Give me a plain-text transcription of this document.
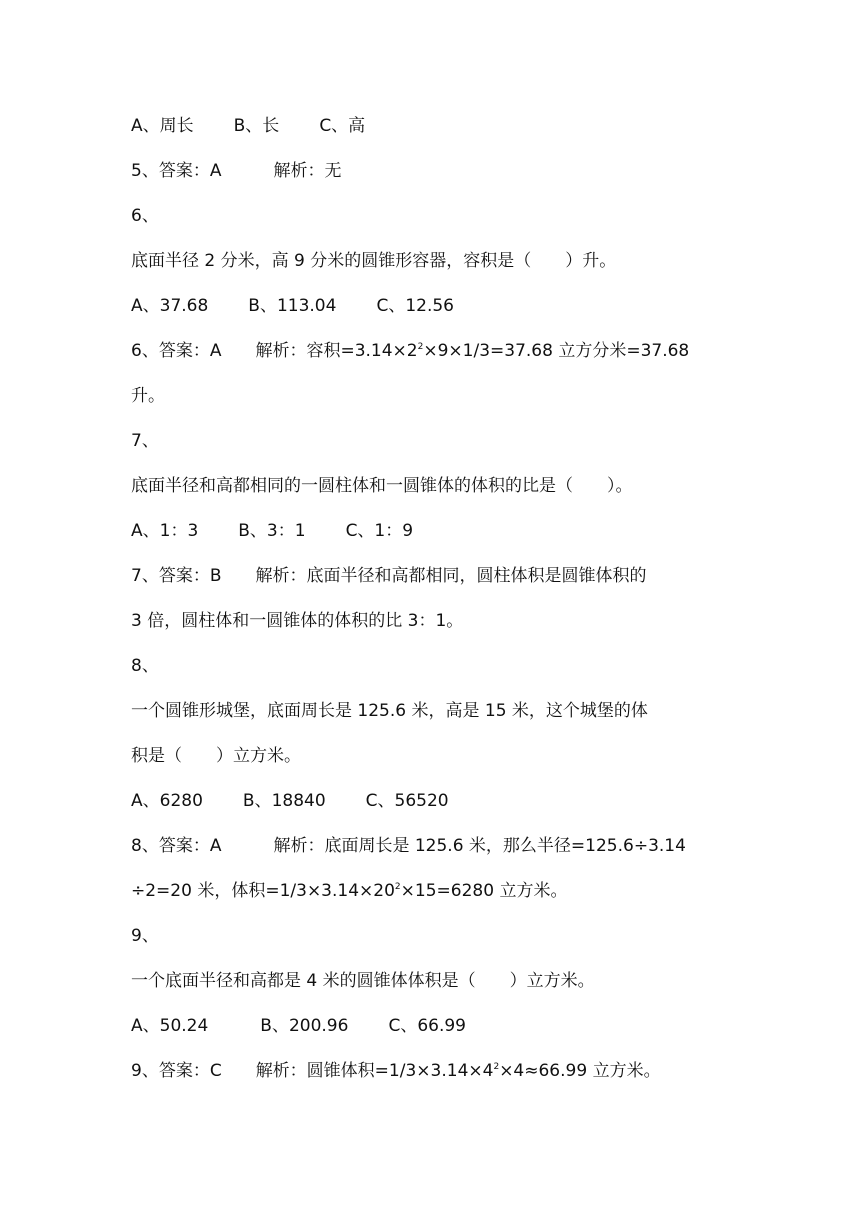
A、周长 B、长 C、高
5、答案：A	解析：无
6、
底面半径 2 分米，高 9 分米的圆锥形容器，容积是（　　）升。
A、37.68 B、113.04 C、12.56
6、答案：A 解析：容积$=3.14\times 2^2\times 9\times 1/3=37.68$ 立方分米=37.68
升。
7、
底面半径和高都相同的一圆柱体和一圆锥体的体积的比是（　　）。
A、1：3 B、3：1 C、1：9
7、答案：B 解析：底面半径和高都相同，圆柱体积是圆锥体积的
3 倍，圆柱体和一圆锥体的体积的比 3：1。
8、
一个圆锥形城堡，底面周长是 125.6 米，高是 15 米，这个城堡的体
积是（　　）立方米。
A、6280 B、18840 C、56520
8、答案：A	解析：底面周长是 125.6 米，那么半径=125.6÷3.14
÷2=20 米，体积$=1/3\times 3.14\times 20^2\times 15=6280$ 立方米。
9、
一个底面半径和高都是 4 米的圆锥体体积是（　　）立方米。
A、50.24	B、200.96 C、66.99
9、答案：C 解析：圆锥体积$=1/3\times 3.14\times 4^2\times 4\approx 66.99$ 立方米。
